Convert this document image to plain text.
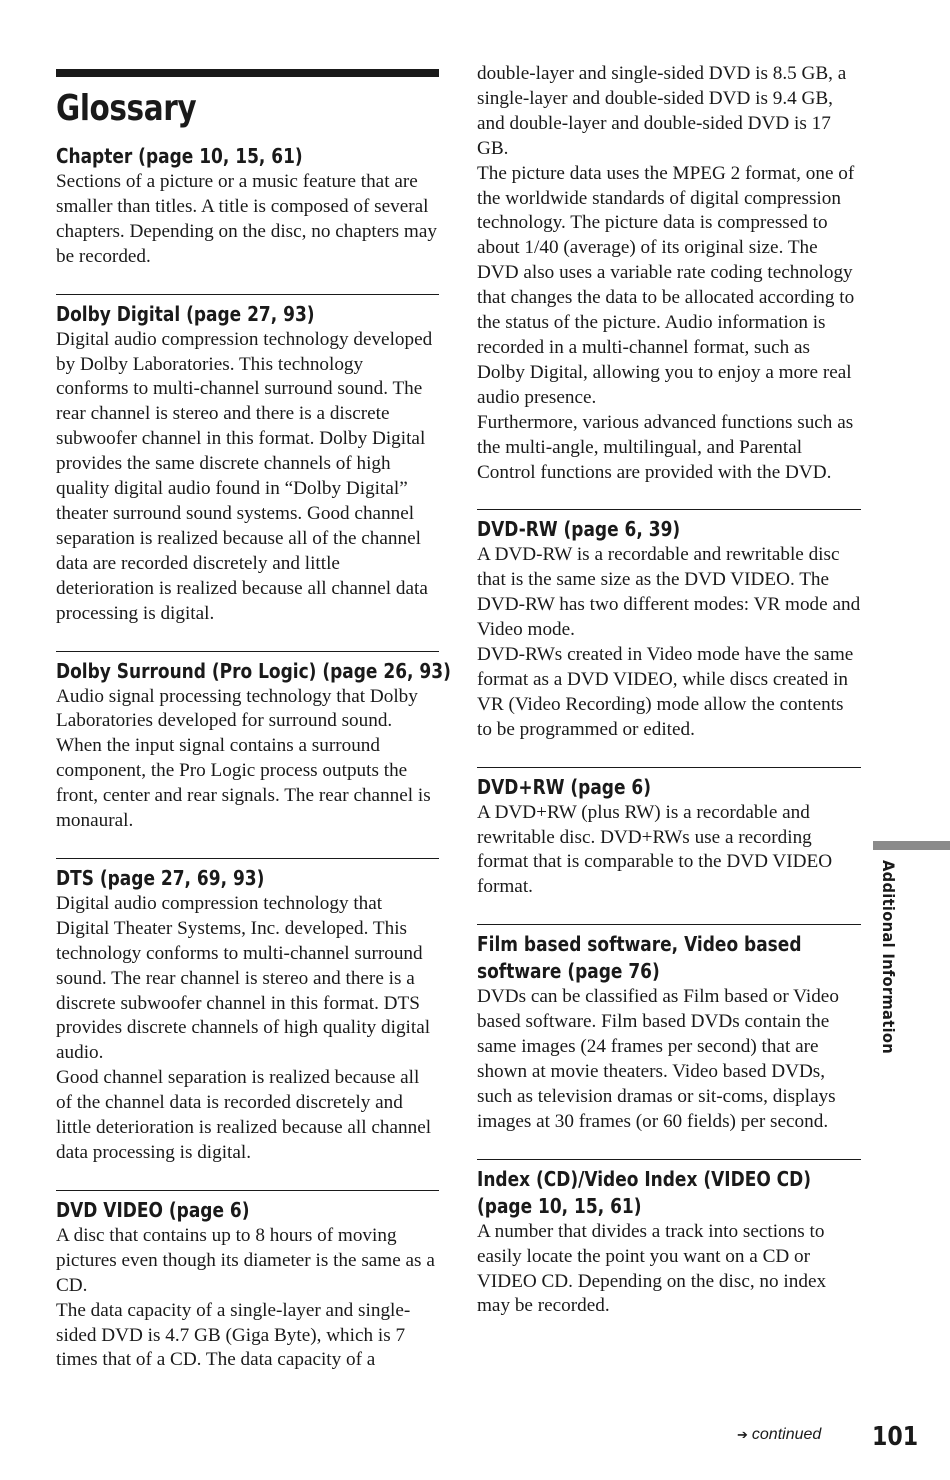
Glossary
Chapter (page 10, 15, 61)

Sections of a picture or a music feature that are smaller than titles. A title is composed of several chapters. Depending on the disc, no chapters may be recorded.

Dolby Digital (page 27, 93)

Digital audio compression technology developed by Dolby Laboratories. This technology conforms to multi-channel surround sound. The rear channel is stereo and there is a discrete subwoofer channel in this format. Dolby Digital provides the same discrete channels of high quality digital audio found in “Dolby Digital” theater surround sound systems. Good channel separation is realized because all of the channel data are recorded discretely and little deterioration is realized because all channel data processing is digital.

Dolby Surround (Pro Logic) (page 26, 93)

Audio signal processing technology that Dolby Laboratories developed for surround sound. When the input signal contains a surround component, the Pro Logic process outputs the front, center and rear signals. The rear channel is monaural.

DTS (page 27, 69, 93)

Digital audio compression technology that Digital Theater Systems, Inc. developed. This technology conforms to multi-channel surround sound. The rear channel is stereo and there is a discrete subwoofer channel in this format. DTS provides discrete channels of high quality digital audio.

Good channel separation is realized because all of the channel data is recorded discretely and little deterioration is realized because all channel data processing is digital.

DVD VIDEO (page 6)

A disc that contains up to 8 hours of moving pictures even though its diameter is the same as a CD.

The data capacity of a single-layer and single-sided DVD is 4.7 GB (Giga Byte), which is 7 times that of a CD. The data capacity of a

double-layer and single-sided DVD is 8.5 GB, a single-layer and double-sided DVD is 9.4 GB, and double-layer and double-sided DVD is 17 GB.

The picture data uses the MPEG 2 format, one of the worldwide standards of digital compression technology. The picture data is compressed to about 1/40 (average) of its original size. The DVD also uses a variable rate coding technology that changes the data to be allocated according to the status of the picture. Audio information is recorded in a multi-channel format, such as Dolby Digital, allowing you to enjoy a more real audio presence.

Furthermore, various advanced functions such as the multi-angle, multilingual, and Parental Control functions are provided with the DVD.

DVD-RW (page 6, 39)

A DVD-RW is a recordable and rewritable disc that is the same size as the DVD VIDEO. The DVD-RW has two different modes: VR mode and Video mode.

DVD-RWs created in Video mode have the same format as a DVD VIDEO, while discs created in VR (Video Recording) mode allow the contents to be programmed or edited.

DVD+RW (page 6)

A DVD+RW (plus RW) is a recordable and rewritable disc. DVD+RWs use a recording format that is comparable to the DVD VIDEO format.

Film based software, Video based software (page 76)

DVDs can be classified as Film based or Video based software. Film based DVDs contain the same images (24 frames per second) that are shown at movie theaters. Video based DVDs, such as television dramas or sit-coms, displays images at 30 frames (or 60 fields) per second.

Index (CD)/Video Index (VIDEO CD) (page 10, 15, 61)

A number that divides a track into sections to easily locate the point you want on a CD or VIDEO CD. Depending on the disc, no index may be recorded.

Additional Information
➔ continued 101
